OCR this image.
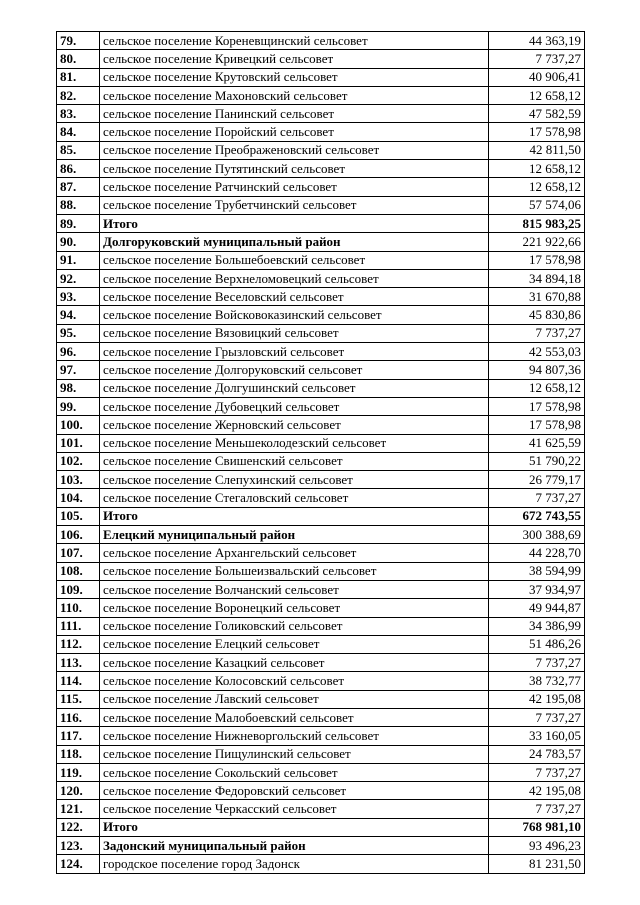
79.	сельское поселение Кореневщинский сельсовет	44 363,19
80.	сельское поселение Кривецкий сельсовет	7 737,27
81.	сельское поселение Крутовский сельсовет	40 906,41
82.	сельское поселение Махоновский сельсовет	12 658,12
83.	сельское поселение Панинский сельсовет	47 582,59
84.	сельское поселение Поройский сельсовет	17 578,98
85.	сельское поселение Преображеновский сельсовет	42 811,50
86.	сельское поселение Путятинский сельсовет	12 658,12
87.	сельское поселение Ратчинский сельсовет	12 658,12
88.	сельское поселение Трубетчинский сельсовет	57 574,06
89.	Итого	815 983,25
90.	Долгоруковский муниципальный район	221 922,66
91.	сельское поселение Большебоевский сельсовет	17 578,98
92.	сельское поселение Верхнеломовецкий сельсовет	34 894,18
93.	сельское поселение Веселовский сельсовет	31 670,88
94.	сельское поселение Войсковоказинский сельсовет	45 830,86
95.	сельское поселение Вязовицкий сельсовет	7 737,27
96.	сельское поселение Грызловский сельсовет	42 553,03
97.	сельское поселение Долгоруковский сельсовет	94 807,36
98.	сельское поселение Долгушинский сельсовет	12 658,12
99.	сельское поселение Дубовецкий сельсовет	17 578,98
100.	сельское поселение Жерновский сельсовет	17 578,98
101.	сельское поселение Меньшеколодезский сельсовет	41 625,59
102.	сельское поселение Свишенский сельсовет	51 790,22
103.	сельское поселение Слепухинский сельсовет	26 779,17
104.	сельское поселение Стегаловский сельсовет	7 737,27
105.	Итого	672 743,55
106.	Елецкий муниципальный район	300 388,69
107.	сельское поселение Архангельский сельсовет	44 228,70
108.	сельское поселение Большеизвальский сельсовет	38 594,99
109.	сельское поселение Волчанский сельсовет	37 934,97
110.	сельское поселение Воронецкий сельсовет	49 944,87
111.	сельское поселение Голиковский сельсовет	34 386,99
112.	сельское поселение Елецкий сельсовет	51 486,26
113.	сельское поселение Казацкий сельсовет	7 737,27
114.	сельское поселение Колосовский сельсовет	38 732,77
115.	сельское поселение Лавский сельсовет	42 195,08
116.	сельское поселение Малобоевский сельсовет	7 737,27
117.	сельское поселение Нижневоргольский сельсовет	33 160,05
118.	сельское поселение Пищулинский сельсовет	24 783,57
119.	сельское поселение Сокольский сельсовет	7 737,27
120.	сельское поселение Федоровский сельсовет	42 195,08
121.	сельское поселение Черкасский сельсовет	7 737,27
122.	Итого	768 981,10
123.	Задонский муниципальный район	93 496,23
124.	городское поселение город Задонск	81 231,50
